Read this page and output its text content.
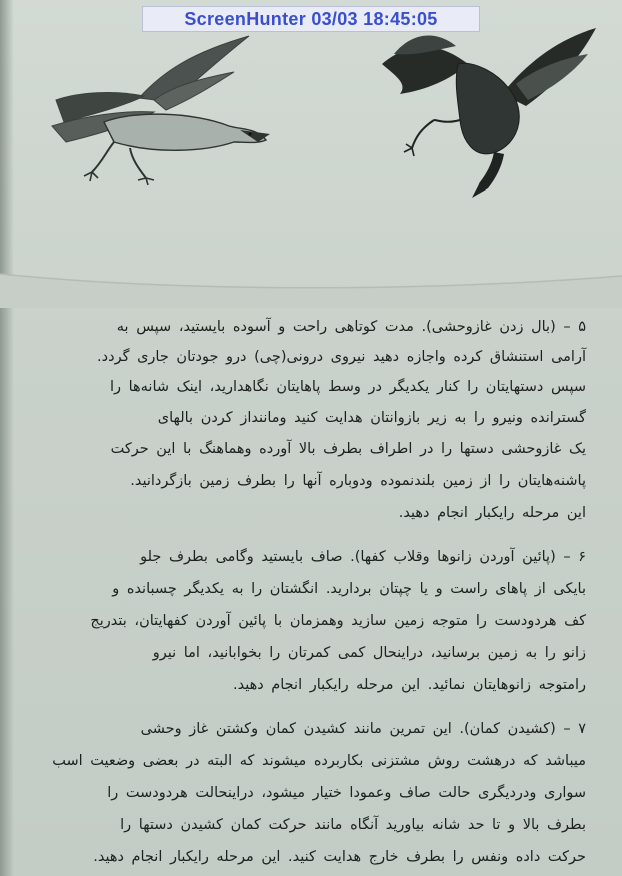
ScreenHunter 03/03 18:45:05
۵ – (بال زدن غازوحشی). مدت کوتاهی راحت و آسوده بایستید، سپس به
آرامی استنشاق کرده واجازه دهید نیروی درونی(چی) درو جودتان جاری گردد.
سپس دستهایتان را کنار یکدیگر در وسط پاهایتان نگاهدارید، اینک شانه‌ها را
گسترانده ونیرو را به زیر بازوانتان هدایت کنید وماننداز کردن بالهای
یک غازوحشی دستها را در اطراف بطرف بالا آورده وهماهنگ با این حرکت
پاشنه‌هایتان را از زمین بلندنموده ودوباره آنها را بطرف زمین بازگردانید.
این مرحله رایکبار انجام دهید.
۶ – (پائین آوردن زانوها وقلاب کفها). صاف بایستید وگامی بطرف جلو
بایکی از پاهای راست و یا چپتان بردارید. انگشتان را به یکدیگر چسبانده و
کف هردودست را متوجه زمین سازید وهمزمان با پائین آوردن کفهایتان، بتدریج
زانو را به زمین برسانید، دراینحال کمی کمرتان را بخوابانید، اما نیرو
رامتوجه زانوهایتان نمائید. این مرحله رایکبار انجام دهید.
۷ – (کشیدن کمان). این تمرین مانند کشیدن کمان وکشتن غاز وحشی
میباشد که درهشت روش مشتزنی بکاربرده میشوند که البته در بعضی وضعیت اسب
سواری ودردیگری حالت صاف وعمودا ختیار میشود، دراینحالت هردودست را
بطرف بالا و تا حد شانه بیاورید آنگاه مانند حرکت کمان کشیدن دستها را
حرکت داده ونفس را بطرف خارج هدایت کنید. این مرحله رایکبار انجام دهید.
